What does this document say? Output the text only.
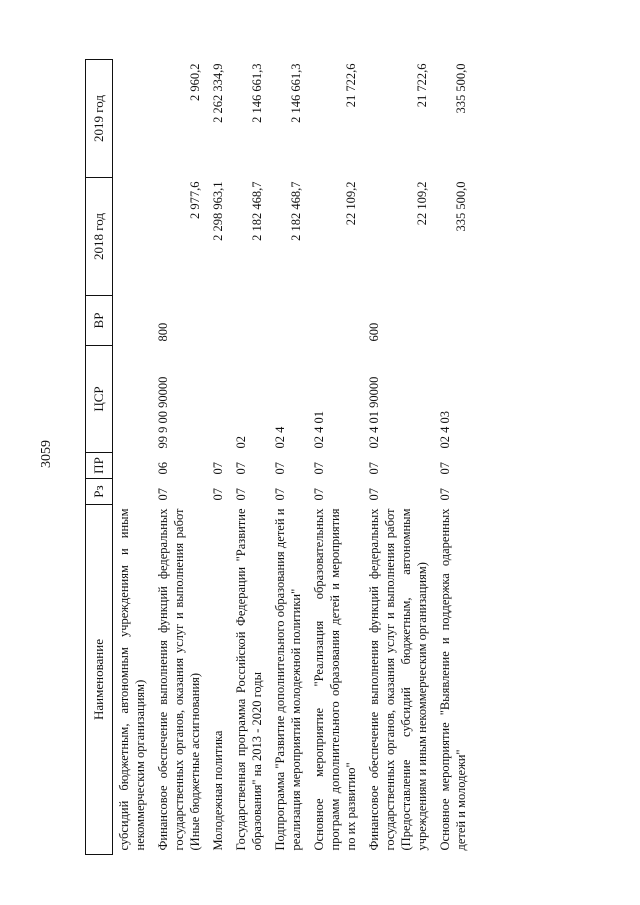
3059
Наименование	Рз	ПР	ЦСР	ВР	2018 год	2019 год
субсидий бюджетным, автономным учреждениям и иным некоммерческим организациям)						
Финансовое обеспечение выполнения функций федеральных государственных органов, оказания услуг и выполнения работ (Иные бюджетные ассигнования)	07	06	99 9 00 90000	800	2 977,6	2 960,2
Молодежная политика	07	07			2 298 963,1	2 262 334,9
Государственная программа Российской Федерации "Развитие образования" на 2013 - 2020 годы	07	07	02		2 182 468,7	2 146 661,3
Подпрограмма "Развитие дополнительного образования детей и реализация мероприятий молодежной политики"	07	07	02 4		2 182 468,7	2 146 661,3
Основное мероприятие "Реализация образовательных программ дополнительного образования детей и мероприятия по их развитию"	07	07	02 4 01		22 109,2	21 722,6
Финансовое обеспечение выполнения функций федеральных государственных органов, оказания услуг и выполнения работ (Предоставление субсидий бюджетным, автономным учреждениям и иным некоммерческим организациям)	07	07	02 4 01 90000	600	22 109,2	21 722,6
Основное мероприятие "Выявление и поддержка одаренных детей и молодежи"	07	07	02 4 03		335 500,0	335 500,0
